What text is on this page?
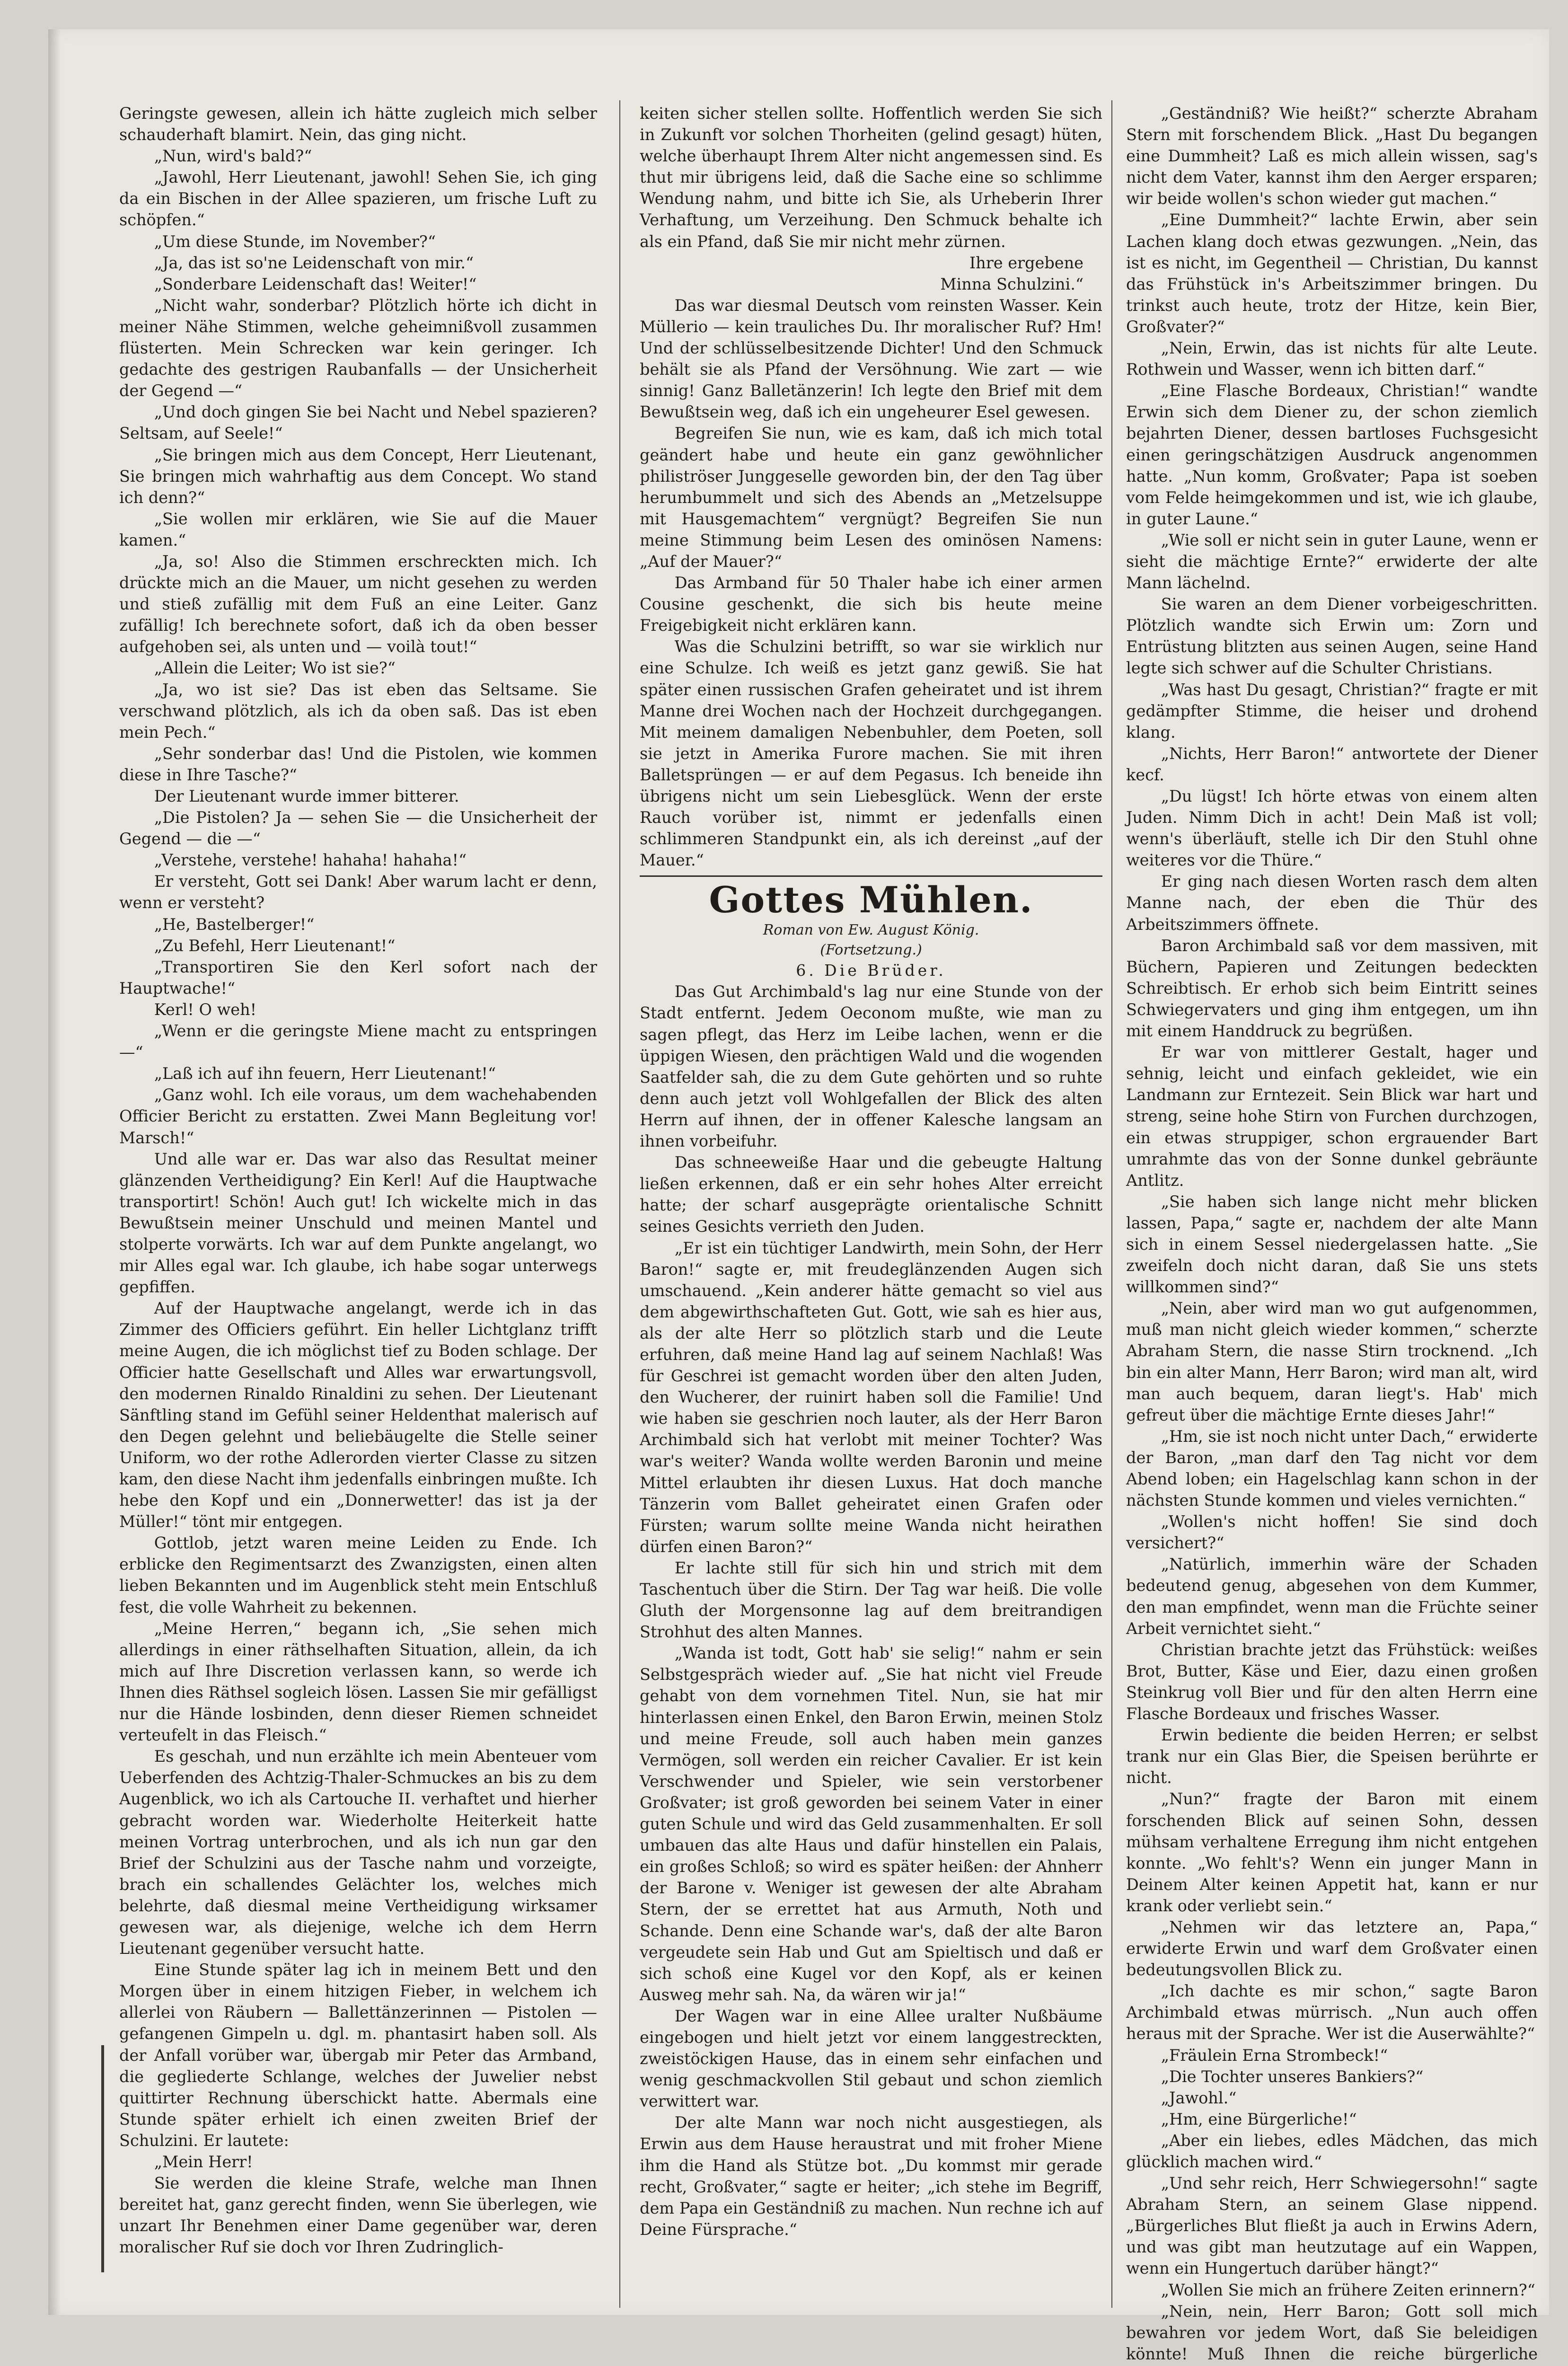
Geringste gewesen, allein ich hätte zugleich mich selber schauderhaft blamirt. Nein, das ging nicht.

„Nun, wird's bald?“

„Jawohl, Herr Lieutenant, jawohl! Sehen Sie, ich ging da ein Bischen in der Allee spazieren, um frische Luft zu schöpfen.“

„Um diese Stunde, im November?“

„Ja, das ist so'ne Leidenschaft von mir.“

„Sonderbare Leidenschaft das! Weiter!“

„Nicht wahr, sonderbar? Plötzlich hörte ich dicht in meiner Nähe Stimmen, welche geheimnißvoll zusammen flüsterten. Mein Schrecken war kein geringer. Ich gedachte des gestrigen Raubanfalls — der Unsicherheit der Gegend —“

„Und doch gingen Sie bei Nacht und Nebel spazieren? Seltsam, auf Seele!“

„Sie bringen mich aus dem Concept, Herr Lieutenant, Sie bringen mich wahrhaftig aus dem Concept. Wo stand ich denn?“

„Sie wollen mir erklären, wie Sie auf die Mauer kamen.“

„Ja, so! Also die Stimmen erschreckten mich. Ich drückte mich an die Mauer, um nicht gesehen zu werden und stieß zufällig mit dem Fuß an eine Leiter. Ganz zufällig! Ich berechnete sofort, daß ich da oben besser aufgehoben sei, als unten und — voilà tout!“

„Allein die Leiter; Wo ist sie?“

„Ja, wo ist sie? Das ist eben das Seltsame. Sie verschwand plötzlich, als ich da oben saß. Das ist eben mein Pech.“

„Sehr sonderbar das! Und die Pistolen, wie kommen diese in Ihre Tasche?“

Der Lieutenant wurde immer bitterer.

„Die Pistolen? Ja — sehen Sie — die Unsicherheit der Gegend — die —“

„Verstehe, verstehe! hahaha! hahaha!“

Er versteht, Gott sei Dank! Aber warum lacht er denn, wenn er versteht?

„He, Bastelberger!“

„Zu Befehl, Herr Lieutenant!“

„Transportiren Sie den Kerl sofort nach der Hauptwache!“

Kerl! O weh!

„Wenn er die geringste Miene macht zu entspringen —“

„Laß ich auf ihn feuern, Herr Lieutenant!“

„Ganz wohl. Ich eile voraus, um dem wachehabenden Officier Bericht zu erstatten. Zwei Mann Begleitung vor! Marsch!“

Und alle war er. Das war also das Resultat meiner glänzenden Vertheidigung? Ein Kerl! Auf die Hauptwache transportirt! Schön! Auch gut! Ich wickelte mich in das Bewußtsein meiner Unschuld und meinen Mantel und stolperte vorwärts. Ich war auf dem Punkte angelangt, wo mir Alles egal war. Ich glaube, ich habe sogar unterwegs gepfiffen.

Auf der Hauptwache angelangt, werde ich in das Zimmer des Officiers geführt. Ein heller Lichtglanz trifft meine Augen, die ich möglichst tief zu Boden schlage. Der Officier hatte Gesellschaft und Alles war erwartungsvoll, den modernen Rinaldo Rinaldini zu sehen. Der Lieutenant Sänftling stand im Gefühl seiner Heldenthat malerisch auf den Degen gelehnt und beliebäugelte die Stelle seiner Uniform, wo der rothe Adlerorden vierter Classe zu sitzen kam, den diese Nacht ihm jedenfalls einbringen mußte. Ich hebe den Kopf und ein „Donnerwetter! das ist ja der Müller!“ tönt mir entgegen.

Gottlob, jetzt waren meine Leiden zu Ende. Ich erblicke den Regimentsarzt des Zwanzigsten, einen alten lieben Bekannten und im Augenblick steht mein Entschluß fest, die volle Wahrheit zu bekennen.

„Meine Herren,“ begann ich, „Sie sehen mich allerdings in einer räthselhaften Situation, allein, da ich mich auf Ihre Discretion verlassen kann, so werde ich Ihnen dies Räthsel sogleich lösen. Lassen Sie mir gefälligst nur die Hände losbinden, denn dieser Riemen schneidet verteufelt in das Fleisch.“

Es geschah, und nun erzählte ich mein Abenteuer vom Ueberfenden des Achtzig-Thaler-Schmuckes an bis zu dem Augenblick, wo ich als Cartouche II. verhaftet und hierher gebracht worden war. Wiederholte Heiterkeit hatte meinen Vortrag unterbrochen, und als ich nun gar den Brief der Schulzini aus der Tasche nahm und vorzeigte, brach ein schallendes Gelächter los, welches mich belehrte, daß diesmal meine Vertheidigung wirksamer gewesen war, als diejenige, welche ich dem Herrn Lieutenant gegenüber versucht hatte.

Eine Stunde später lag ich in meinem Bett und den Morgen über in einem hitzigen Fieber, in welchem ich allerlei von Räubern — Ballettänzerinnen — Pistolen — gefangenen Gimpeln u. dgl. m. phantasirt haben soll. Als der Anfall vorüber war, übergab mir Peter das Armband, die gegliederte Schlange, welches der Juwelier nebst quittirter Rechnung überschickt hatte. Abermals eine Stunde später erhielt ich einen zweiten Brief der Schulzini. Er lautete:

„Mein Herr!

Sie werden die kleine Strafe, welche man Ihnen bereitet hat, ganz gerecht finden, wenn Sie überlegen, wie unzart Ihr Benehmen einer Dame gegenüber war, deren moralischer Ruf sie doch vor Ihren Zudringlich-

keiten sicher stellen sollte. Hoffentlich werden Sie sich in Zukunft vor solchen Thorheiten (gelind gesagt) hüten, welche überhaupt Ihrem Alter nicht angemessen sind. Es thut mir übrigens leid, daß die Sache eine so schlimme Wendung nahm, und bitte ich Sie, als Urheberin Ihrer Verhaftung, um Verzeihung. Den Schmuck behalte ich als ein Pfand, daß Sie mir nicht mehr zürnen.

Ihre ergebene

Minna Schulzini.“

Das war diesmal Deutsch vom reinsten Wasser. Kein Müllerio — kein trauliches Du. Ihr moralischer Ruf? Hm! Und der schlüsselbesitzende Dichter! Und den Schmuck behält sie als Pfand der Versöhnung. Wie zart — wie sinnig! Ganz Balletänzerin! Ich legte den Brief mit dem Bewußtsein weg, daß ich ein ungeheurer Esel gewesen.

Begreifen Sie nun, wie es kam, daß ich mich total geändert habe und heute ein ganz gewöhnlicher philiströser Junggeselle geworden bin, der den Tag über herumbummelt und sich des Abends an „Metzelsuppe mit Hausgemachtem“ vergnügt? Begreifen Sie nun meine Stimmung beim Lesen des ominösen Namens: „Auf der Mauer?“

Das Armband für 50 Thaler habe ich einer armen Cousine geschenkt, die sich bis heute meine Freigebigkeit nicht erklären kann.

Was die Schulzini betrifft, so war sie wirklich nur eine Schulze. Ich weiß es jetzt ganz gewiß. Sie hat später einen russischen Grafen geheiratet und ist ihrem Manne drei Wochen nach der Hochzeit durchgegangen. Mit meinem damaligen Nebenbuhler, dem Poeten, soll sie jetzt in Amerika Furore machen. Sie mit ihren Balletsprüngen — er auf dem Pegasus. Ich beneide ihn übrigens nicht um sein Liebesglück. Wenn der erste Rauch vorüber ist, nimmt er jedenfalls einen schlimmeren Standpunkt ein, als ich dereinst „auf der Mauer.“

Gottes Mühlen.
Roman von Ew. August König.
(Fortsetzung.)
6. Die Brüder.

Das Gut Archimbald's lag nur eine Stunde von der Stadt entfernt. Jedem Oeconom mußte, wie man zu sagen pflegt, das Herz im Leibe lachen, wenn er die üppigen Wiesen, den prächtigen Wald und die wogenden Saatfelder sah, die zu dem Gute gehörten und so ruhte denn auch jetzt voll Wohlgefallen der Blick des alten Herrn auf ihnen, der in offener Kalesche langsam an ihnen vorbeifuhr.

Das schneeweiße Haar und die gebeugte Haltung ließen erkennen, daß er ein sehr hohes Alter erreicht hatte; der scharf ausgeprägte orientalische Schnitt seines Gesichts verrieth den Juden.

„Er ist ein tüchtiger Landwirth, mein Sohn, der Herr Baron!“ sagte er, mit freudeglänzenden Augen sich umschauend. „Kein anderer hätte gemacht so viel aus dem abgewirthschafteten Gut. Gott, wie sah es hier aus, als der alte Herr so plötzlich starb und die Leute erfuhren, daß meine Hand lag auf seinem Nachlaß! Was für Geschrei ist gemacht worden über den alten Juden, den Wucherer, der ruinirt haben soll die Familie! Und wie haben sie geschrien noch lauter, als der Herr Baron Archimbald sich hat verlobt mit meiner Tochter? Was war's weiter? Wanda wollte werden Baronin und meine Mittel erlaubten ihr diesen Luxus. Hat doch manche Tänzerin vom Ballet geheiratet einen Grafen oder Fürsten; warum sollte meine Wanda nicht heirathen dürfen einen Baron?“

Er lachte still für sich hin und strich mit dem Taschentuch über die Stirn. Der Tag war heiß. Die volle Gluth der Morgensonne lag auf dem breitrandigen Strohhut des alten Mannes.

„Wanda ist todt, Gott hab' sie selig!“ nahm er sein Selbstgespräch wieder auf. „Sie hat nicht viel Freude gehabt von dem vornehmen Titel. Nun, sie hat mir hinterlassen einen Enkel, den Baron Erwin, meinen Stolz und meine Freude, soll auch haben mein ganzes Vermögen, soll werden ein reicher Cavalier. Er ist kein Verschwender und Spieler, wie sein verstorbener Großvater; ist groß geworden bei seinem Vater in einer guten Schule und wird das Geld zusammenhalten. Er soll umbauen das alte Haus und dafür hinstellen ein Palais, ein großes Schloß; so wird es später heißen: der Ahnherr der Barone v. Weniger ist gewesen der alte Abraham Stern, der se errettet hat aus Armuth, Noth und Schande. Denn eine Schande war's, daß der alte Baron vergeudete sein Hab und Gut am Spieltisch und daß er sich schoß eine Kugel vor den Kopf, als er keinen Ausweg mehr sah. Na, da wären wir ja!“

Der Wagen war in eine Allee uralter Nußbäume eingebogen und hielt jetzt vor einem langgestreckten, zweistöckigen Hause, das in einem sehr einfachen und wenig geschmackvollen Stil gebaut und schon ziemlich verwittert war.

Der alte Mann war noch nicht ausgestiegen, als Erwin aus dem Hause heraustrat und mit froher Miene ihm die Hand als Stütze bot. „Du kommst mir gerade recht, Großvater,“ sagte er heiter; „ich stehe im Begriff, dem Papa ein Geständniß zu machen. Nun rechne ich auf Deine Fürsprache.“

„Geständniß? Wie heißt?“ scherzte Abraham Stern mit forschendem Blick. „Hast Du begangen eine Dummheit? Laß es mich allein wissen, sag's nicht dem Vater, kannst ihm den Aerger ersparen; wir beide wollen's schon wieder gut machen.“

„Eine Dummheit?“ lachte Erwin, aber sein Lachen klang doch etwas gezwungen. „Nein, das ist es nicht, im Gegentheil — Christian, Du kannst das Frühstück in's Arbeitszimmer bringen. Du trinkst auch heute, trotz der Hitze, kein Bier, Großvater?“

„Nein, Erwin, das ist nichts für alte Leute. Rothwein und Wasser, wenn ich bitten darf.“

„Eine Flasche Bordeaux, Christian!“ wandte Erwin sich dem Diener zu, der schon ziemlich bejahrten Diener, dessen bartloses Fuchsgesicht einen geringschätzigen Ausdruck angenommen hatte. „Nun komm, Großvater; Papa ist soeben vom Felde heimgekommen und ist, wie ich glaube, in guter Laune.“

„Wie soll er nicht sein in guter Laune, wenn er sieht die mächtige Ernte?“ erwiderte der alte Mann lächelnd.

Sie waren an dem Diener vorbeigeschritten. Plötzlich wandte sich Erwin um: Zorn und Entrüstung blitzten aus seinen Augen, seine Hand legte sich schwer auf die Schulter Christians.

„Was hast Du gesagt, Christian?“ fragte er mit gedämpfter Stimme, die heiser und drohend klang.

„Nichts, Herr Baron!“ antwortete der Diener kecf.

„Du lügst! Ich hörte etwas von einem alten Juden. Nimm Dich in acht! Dein Maß ist voll; wenn's überläuft, stelle ich Dir den Stuhl ohne weiteres vor die Thüre.“

Er ging nach diesen Worten rasch dem alten Manne nach, der eben die Thür des Arbeitszimmers öffnete.

Baron Archimbald saß vor dem massiven, mit Büchern, Papieren und Zeitungen bedeckten Schreibtisch. Er erhob sich beim Eintritt seines Schwiegervaters und ging ihm entgegen, um ihn mit einem Handdruck zu begrüßen.

Er war von mittlerer Gestalt, hager und sehnig, leicht und einfach gekleidet, wie ein Landmann zur Erntezeit. Sein Blick war hart und streng, seine hohe Stirn von Furchen durchzogen, ein etwas struppiger, schon ergrauender Bart umrahmte das von der Sonne dunkel gebräunte Antlitz.

„Sie haben sich lange nicht mehr blicken lassen, Papa,“ sagte er, nachdem der alte Mann sich in einem Sessel niedergelassen hatte. „Sie zweifeln doch nicht daran, daß Sie uns stets willkommen sind?“

„Nein, aber wird man wo gut aufgenommen, muß man nicht gleich wieder kommen,“ scherzte Abraham Stern, die nasse Stirn trocknend. „Ich bin ein alter Mann, Herr Baron; wird man alt, wird man auch bequem, daran liegt's. Hab' mich gefreut über die mächtige Ernte dieses Jahr!“

„Hm, sie ist noch nicht unter Dach,“ erwiderte der Baron, „man darf den Tag nicht vor dem Abend loben; ein Hagelschlag kann schon in der nächsten Stunde kommen und vieles vernichten.“

„Wollen's nicht hoffen! Sie sind doch versichert?“

„Natürlich, immerhin wäre der Schaden bedeutend genug, abgesehen von dem Kummer, den man empfindet, wenn man die Früchte seiner Arbeit vernichtet sieht.“

Christian brachte jetzt das Frühstück: weißes Brot, Butter, Käse und Eier, dazu einen großen Steinkrug voll Bier und für den alten Herrn eine Flasche Bordeaux und frisches Wasser.

Erwin bediente die beiden Herren; er selbst trank nur ein Glas Bier, die Speisen berührte er nicht.

„Nun?“ fragte der Baron mit einem forschenden Blick auf seinen Sohn, dessen mühsam verhaltene Erregung ihm nicht entgehen konnte. „Wo fehlt's? Wenn ein junger Mann in Deinem Alter keinen Appetit hat, kann er nur krank oder verliebt sein.“

„Nehmen wir das letztere an, Papa,“ erwiderte Erwin und warf dem Großvater einen bedeutungsvollen Blick zu.

„Ich dachte es mir schon,“ sagte Baron Archimbald etwas mürrisch. „Nun auch offen heraus mit der Sprache. Wer ist die Auserwählte?“

„Fräulein Erna Strombeck!“

„Die Tochter unseres Bankiers?“

„Jawohl.“

„Hm, eine Bürgerliche!“

„Aber ein liebes, edles Mädchen, das mich glücklich machen wird.“

„Und sehr reich, Herr Schwiegersohn!“ sagte Abraham Stern, an seinem Glase nippend. „Bürgerliches Blut fließt ja auch in Erwins Adern, und was gibt man heutzutage auf ein Wappen, wenn ein Hungertuch darüber hängt?“

„Wollen Sie mich an frühere Zeiten erinnern?“

„Nein, nein, Herr Baron; Gott soll mich bewahren vor jedem Wort, daß Sie beleidigen könnte! Muß Ihnen die reiche bürgerliche
